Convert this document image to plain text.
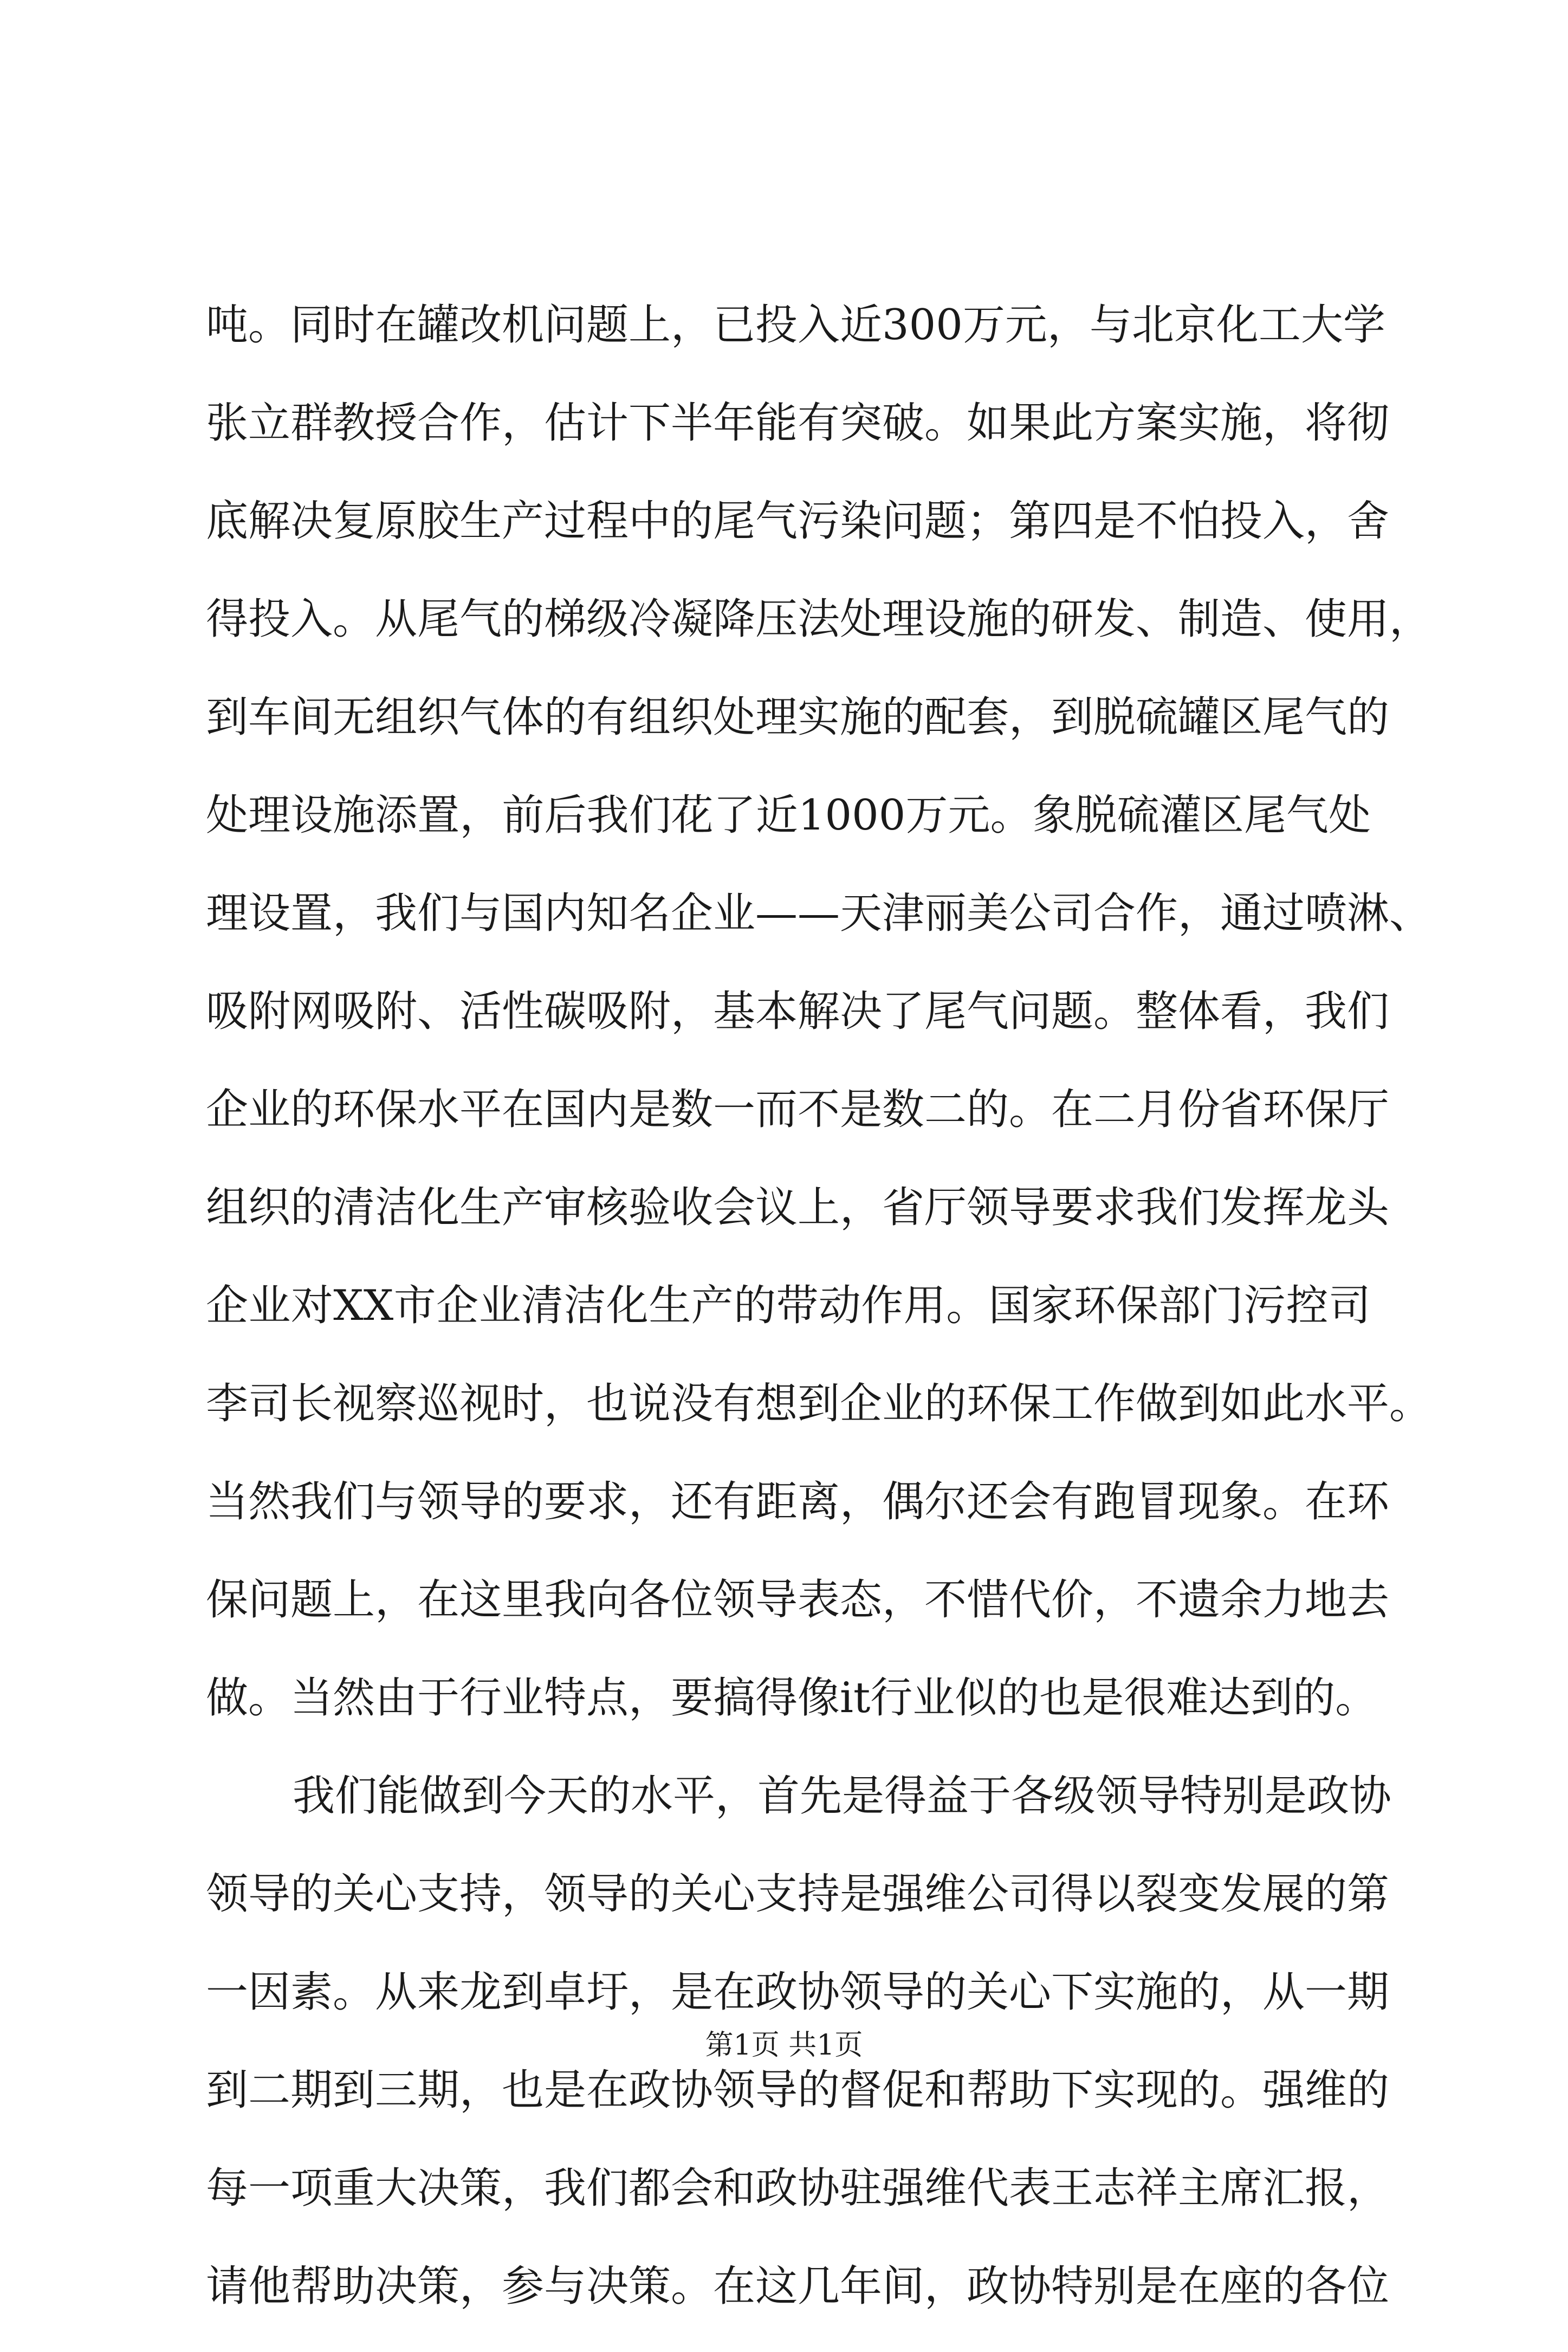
吨。同时在罐改机问题上，已投入近300万元，与北京化工大学
张立群教授合作，估计下半年能有突破。如果此方案实施，将彻
底解决复原胶生产过程中的尾气污染问题；第四是不怕投入，舍
得投入。从尾气的梯级冷凝降压法处理设施的研发、制造、使用，
到车间无组织气体的有组织处理实施的配套，到脱硫罐区尾气的
处理设施添置，前后我们花了近1000万元。象脱硫灌区尾气处
理设置，我们与国内知名企业——天津丽美公司合作，通过喷淋、
吸附网吸附、活性碳吸附，基本解决了尾气问题。整体看，我们
企业的环保水平在国内是数一而不是数二的。在二月份省环保厅
组织的清洁化生产审核验收会议上，省厅领导要求我们发挥龙头
企业对XX市企业清洁化生产的带动作用。国家环保部门污控司
李司长视察巡视时，也说没有想到企业的环保工作做到如此水平。
当然我们与领导的要求，还有距离，偶尔还会有跑冒现象。在环
保问题上，在这里我向各位领导表态，不惜代价，不遗余力地去
做。当然由于行业特点，要搞得像it行业似的也是很难达到的。
我们能做到今天的水平，首先是得益于各级领导特别是政协
领导的关心支持，领导的关心支持是强维公司得以裂变发展的第
一因素。从来龙到卓圩，是在政协领导的关心下实施的，从一期
到二期到三期，也是在政协领导的督促和帮助下实现的。强维的
每一项重大决策，我们都会和政协驻强维代表王志祥主席汇报，
请他帮助决策，参与决策。在这几年间，政协特别是在座的各位
第1页 共1页
